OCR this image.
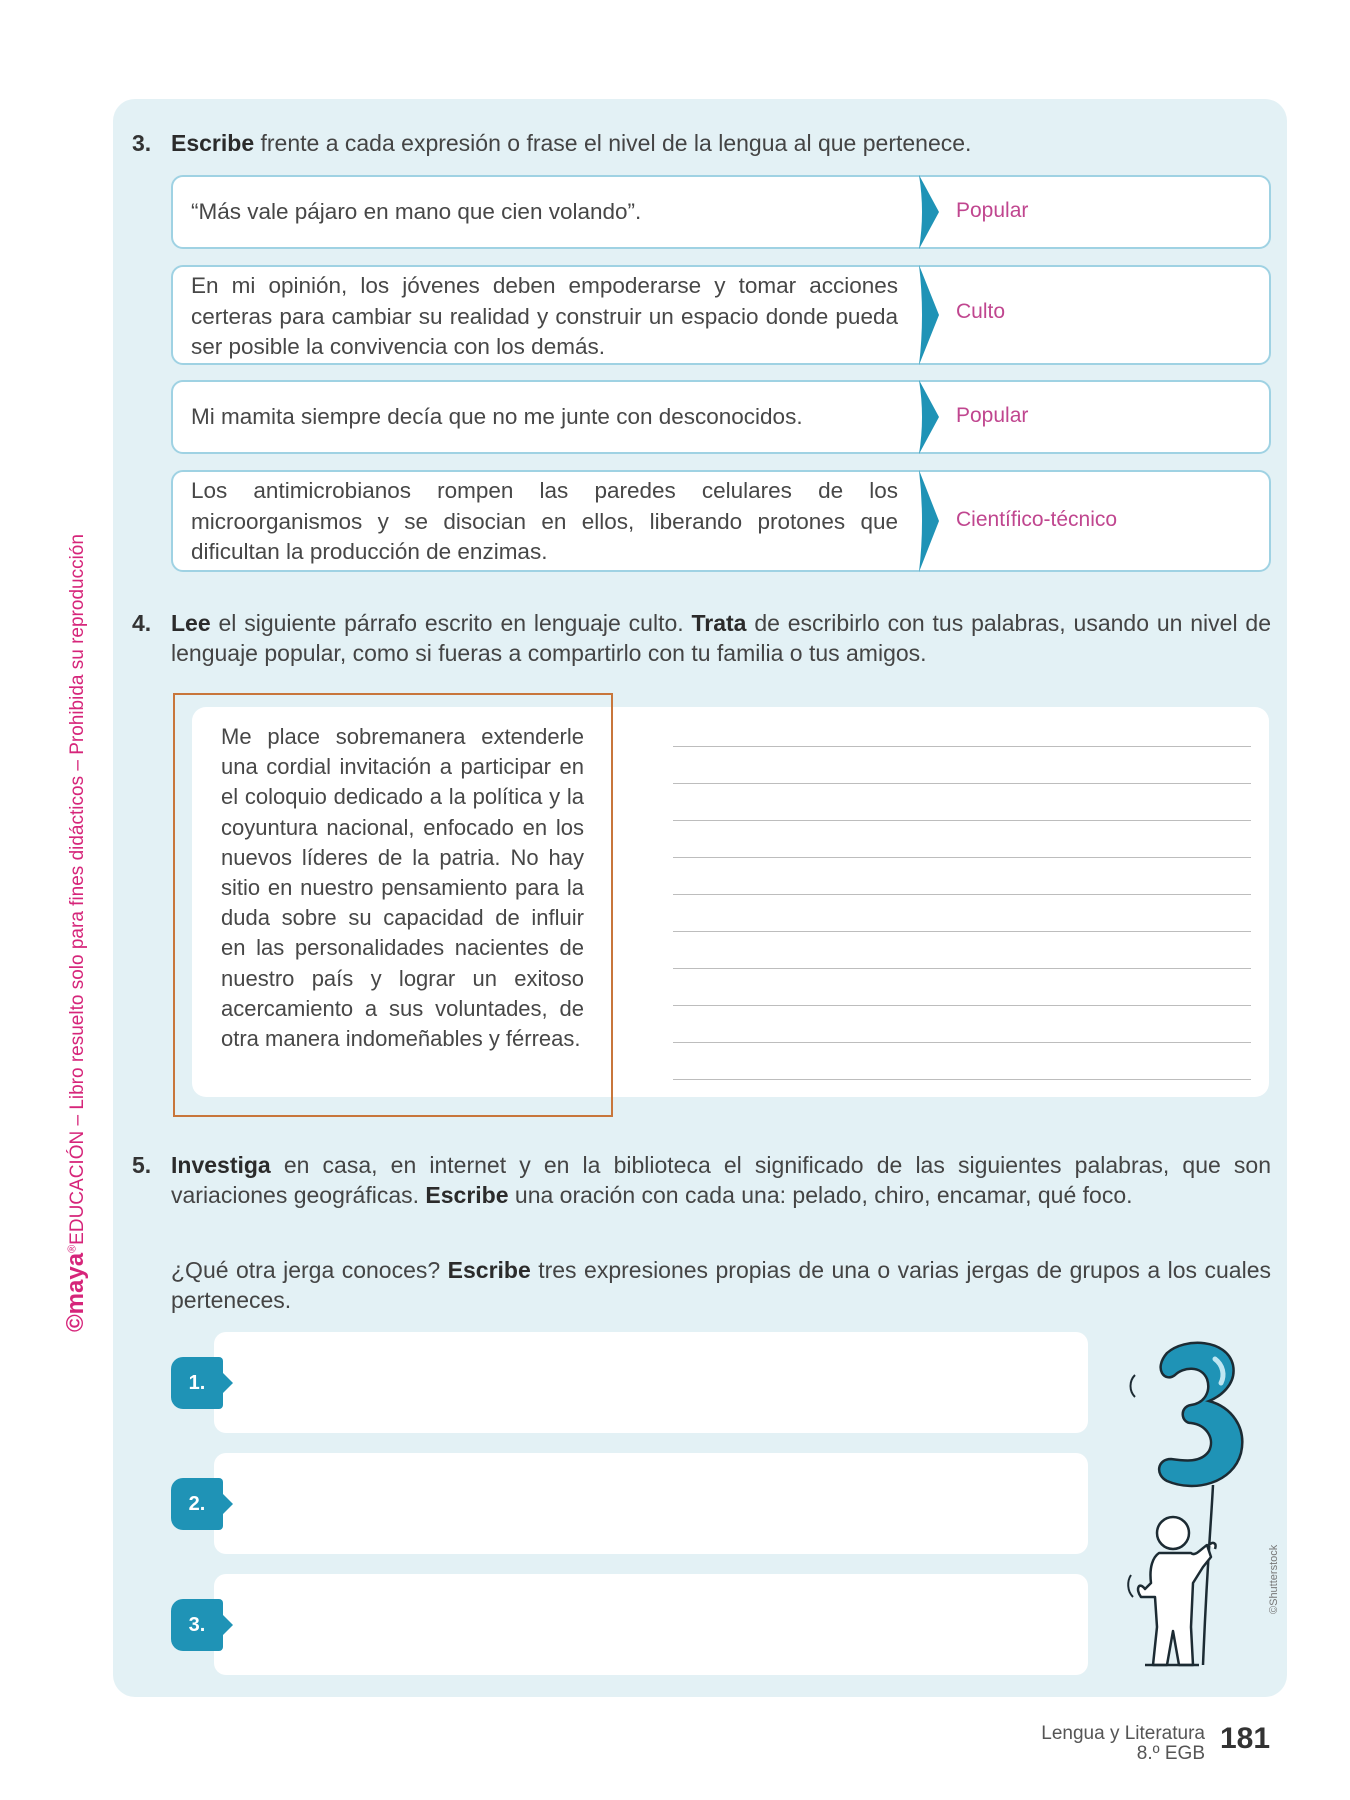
©maya®EDUCACIÓN – Libro resuelto solo para fines didácticos – Prohibida su reproducción
3. Escribe frente a cada expresión o frase el nivel de la lengua al que pertenece.
“Más vale pájaro en mano que cien volando”.	Popular
En mi opinión, los jóvenes deben empoderarse y tomar acciones certeras para cambiar su realidad y construir un espacio donde pueda ser posible la convivencia con los demás.
Culto
Mi mamita siempre decía que no me junte con desconocidos.	Popular
Los antimicrobianos rompen las paredes celulares de los microorganismos y se disocian en ellos, liberando protones que dificultan la producción de enzimas.
Científico-técnico
4. Lee el siguiente párrafo escrito en lenguaje culto. Trata de escribirlo con tus palabras, usando un nivel de lenguaje popular, como si fueras a compartirlo con tu familia o tus amigos.
Me place sobremanera extenderle una cordial invitación a participar en el coloquio dedicado a la política y la coyuntura nacional, enfocado en los nuevos líderes de la patria. No hay sitio en nuestro pensamiento para la duda sobre su capacidad de influir en las personalidades nacientes de nuestro país y lograr un exitoso acercamiento a sus voluntades, de otra manera indomeñables y férreas.
5. Investiga en casa, en internet y en la biblioteca el significado de las siguientes palabras, que son variaciones geográficas. Escribe una oración con cada una: pelado, chiro, encamar, qué foco.
¿Qué otra jerga conoces? Escribe tres expresiones propias de una o varias jergas de grupos a los cuales perteneces.
1.
2.
3.
©Shutterstock
Lengua y Literatura
8.º EGB 181
